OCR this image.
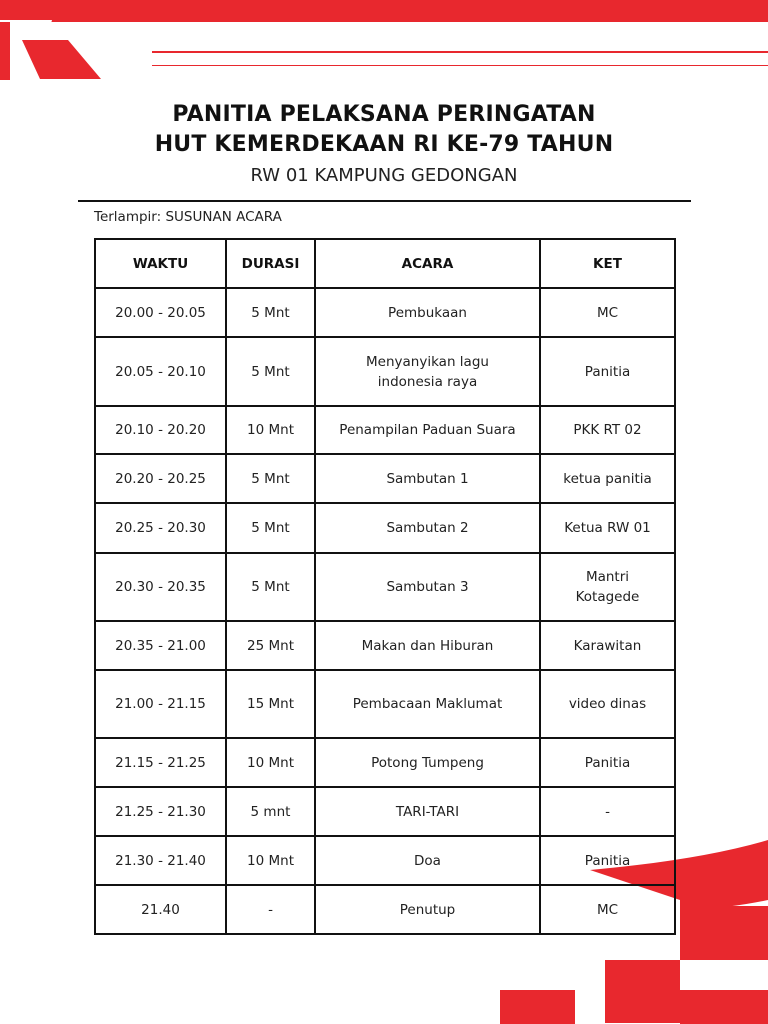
PANITIA PELAKSANA PERINGATAN
HUT KEMERDEKAAN RI KE-79 TAHUN
RW 01 KAMPUNG GEDONGAN
Terlampir: SUSUNAN ACARA
WAKTU	DURASI	ACARA	KET
20.00 - 20.05	5 Mnt	Pembukaan	MC
20.05 - 20.10	5 Mnt	Menyanyikan lagu indonesia raya	Panitia
20.10 - 20.20	10 Mnt	Penampilan Paduan Suara	PKK RT 02
20.20 - 20.25	5 Mnt	Sambutan 1	ketua panitia
20.25 - 20.30	5 Mnt	Sambutan 2	Ketua RW 01
20.30 - 20.35	5 Mnt	Sambutan 3	Mantri Kotagede
20.35 - 21.00	25 Mnt	Makan dan Hiburan	Karawitan
21.00 - 21.15	15 Mnt	Pembacaan Maklumat	video dinas
21.15 - 21.25	10 Mnt	Potong Tumpeng	Panitia
21.25 - 21.30	5 mnt	TARI-TARI	-
21.30 - 21.40	10 Mnt	Doa	Panitia
21.40	-	Penutup	MC
